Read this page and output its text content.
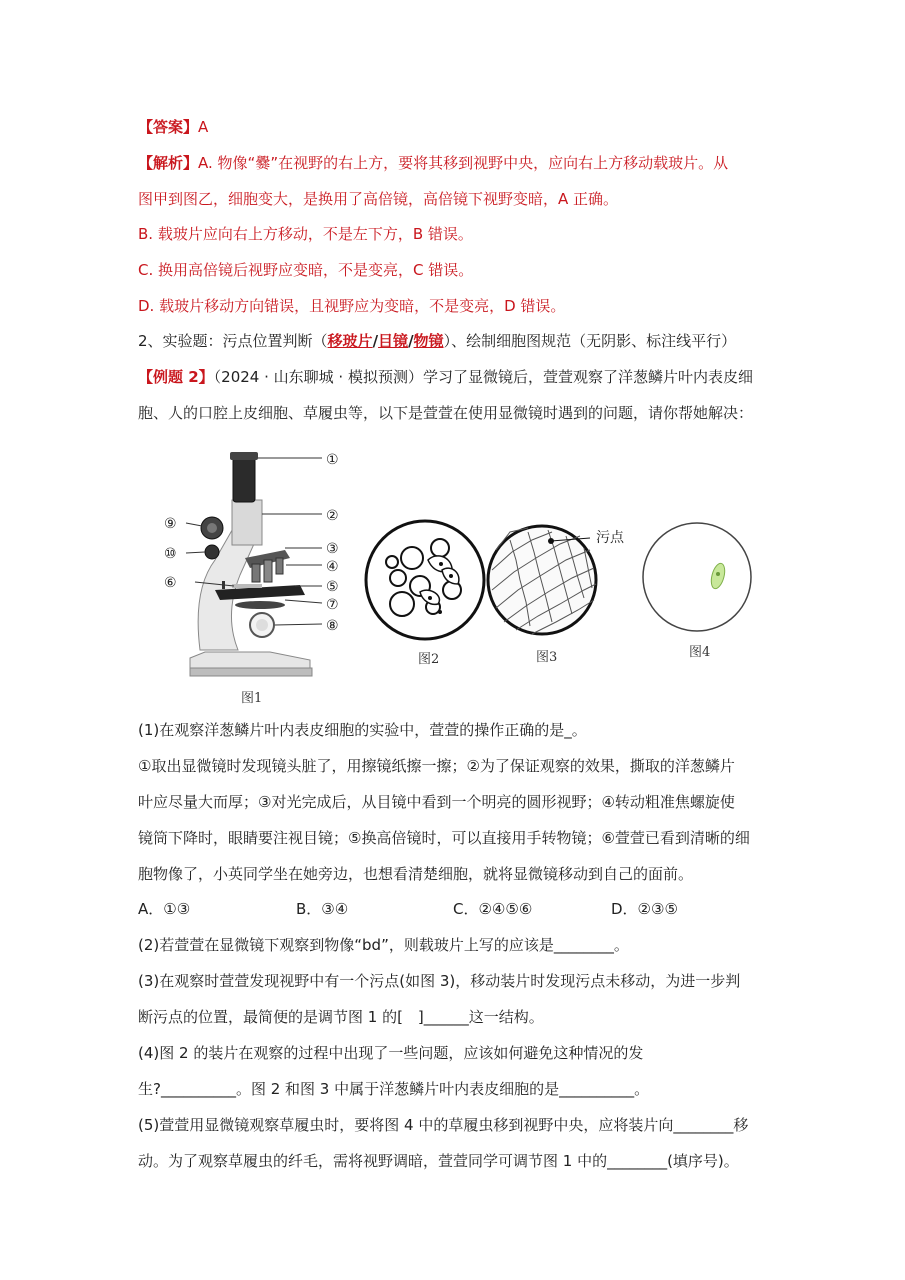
【答案】A
【解析】A. 物像“爨”在视野的右上方，要将其移到视野中央，应向右上方移动载玻片。从
图甲到图乙，细胞变大，是换用了高倍镜，高倍镜下视野变暗，A 正确。
B. 载玻片应向右上方移动，不是左下方，B 错误。
C. 换用高倍镜后视野应变暗，不是变亮，C 错误。
D. 载玻片移动方向错误，且视野应为变暗，不是变亮，D 错误。
2、实验题：污点位置判断（移玻片/目镜/物镜）、绘制细胞图规范（无阴影、标注线平行）
【例题 2】（2024 · 山东聊城 · 模拟预测）学习了显微镜后，萱萱观察了洋葱鳞片叶内表皮细
胞、人的口腔上皮细胞、草履虫等，以下是萱萱在使用显微镜时遇到的问题，请你帮她解决：
①
②
③
④
⑤
⑥
⑦
⑧
⑨
⑩
污点
图1
图2	图3	图4
(1)在观察洋葱鳞片叶内表皮细胞的实验中，萱萱的操作正确的是_。
①取出显微镜时发现镜头脏了，用擦镜纸擦一擦；②为了保证观察的效果，撕取的洋葱鳞片
叶应尽量大而厚；③对光完成后，从目镜中看到一个明亮的圆形视野；④转动粗准焦螺旋使
镜筒下降时，眼睛要注视目镜；⑤换高倍镜时，可以直接用手转物镜；⑥萱萱已看到清晰的细
胞物像了，小英同学坐在她旁边，也想看清楚细胞，就将显微镜移动到自己的面前。
A．①③	B．③④	C．②④⑤⑥	D．②③⑤
(2)若萱萱在显微镜下观察到物像“bd”，则载玻片上写的应该是________。
(3)在观察时萱萱发现视野中有一个污点(如图 3)，移动装片时发现污点未移动，为进一步判
断污点的位置，最简便的是调节图 1 的[　]______这一结构。
(4)图 2 的装片在观察的过程中出现了一些问题，应该如何避免这种情况的发
生?__________。图 2 和图 3 中属于洋葱鳞片叶内表皮细胞的是__________。
(5)萱萱用显微镜观察草履虫时，要将图 4 中的草履虫移到视野中央，应将装片向________移
动。为了观察草履虫的纤毛，需将视野调暗，萱萱同学可调节图 1 中的________(填序号)。
